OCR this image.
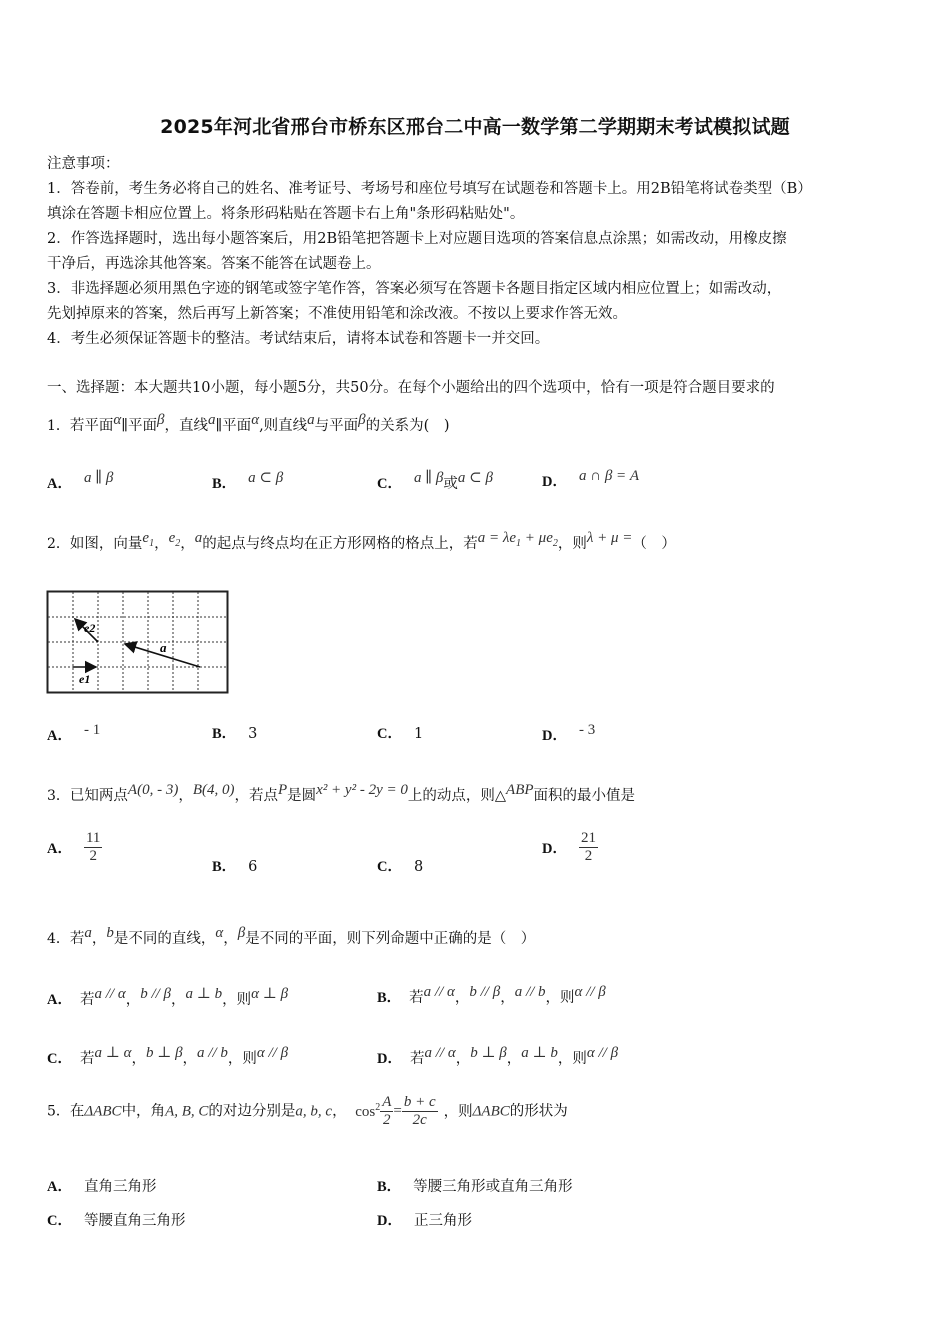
2025年河北省邢台市桥东区邢台二中高一数学第二学期期末考试模拟试题
注意事项：
1．答卷前，考生务必将自己的姓名、准考证号、考场号和座位号填写在试题卷和答题卡上。用2B铅笔将试卷类型（B）
填涂在答题卡相应位置上。将条形码粘贴在答题卡右上角"条形码粘贴处"。
2．作答选择题时，选出每小题答案后，用2B铅笔把答题卡上对应题目选项的答案信息点涂黑；如需改动，用橡皮擦
干净后，再选涂其他答案。答案不能答在试题卷上。
3．非选择题必须用黑色字迹的钢笔或签字笔作答，答案必须写在答题卡各题目指定区域内相应位置上；如需改动，
先划掉原来的答案，然后再写上新答案；不准使用铅笔和涂改液。不按以上要求作答无效。
4．考生必须保证答题卡的整洁。考试结束后，请将本试卷和答题卡一并交回。
一、选择题：本大题共10小题，每小题5分，共50分。在每个小题给出的四个选项中，恰有一项是符合题目要求的
1．若平面$^\alpha$∥平面$^\beta$，直线$^a$∥平面$^\alpha$,则直线$^a$与平面$^\beta$的关系为(　)
A． $^{a \parallel \beta}$	B． $^{a \subset \beta}$	C． $^{a \parallel \beta}$或$^{a \subset \beta}$	D． $^{a \cap \beta = A}$
2．如图，向量$^{e_1}$，$^{e_2}$，$^a$的起点与终点均在正方形网格的格点上，若$^{a = \lambda e_1 + \mu e_2}$，则$^{\lambda + \mu =}$（　）
e2
a
e1
A． $^{- 1}$	B． 3	C． 1	D． $^{- 3}$
3．已知两点$^{A(0, - 3)}$，$^{B(4, 0)}$，若点$^P$是圆$^{x^2 + y^2 - 2y = 0}$上的动点，则△$^{ABP}$面积的最小值是
A． $\frac{11}{2}$
B． 6	C． 8
D． $\frac{21}{2}$
4．若$^a$，$^b$是不同的直线，$^\alpha$，$^\beta$是不同的平面，则下列命题中正确的是（　）
A． 若$^{a // \alpha}$，$^{b // \beta}$，$^{a \perp b}$，则$^{\alpha \perp \beta}$	B． 若$^{a // \alpha}$，$^{b // \beta}$，$^{a // b}$，则$^{\alpha // \beta}$
C． 若$^{a \perp \alpha}$，$^{b \perp \beta}$，$^{a // b}$，则$^{\alpha // \beta}$	D． 若$^{a // \alpha}$，$^{b \perp \beta}$，$^{a \perp b}$，则$^{\alpha // \beta}$
5．在ΔABC中，角A, B, C的对边分别是a, b, c， $\cos^2 \frac{A}{2} = \frac{b + c}{2c}$ ，则ΔABC的形状为
A． 直角三角形	B． 等腰三角形或直角三角形
C． 等腰直角三角形	D． 正三角形
